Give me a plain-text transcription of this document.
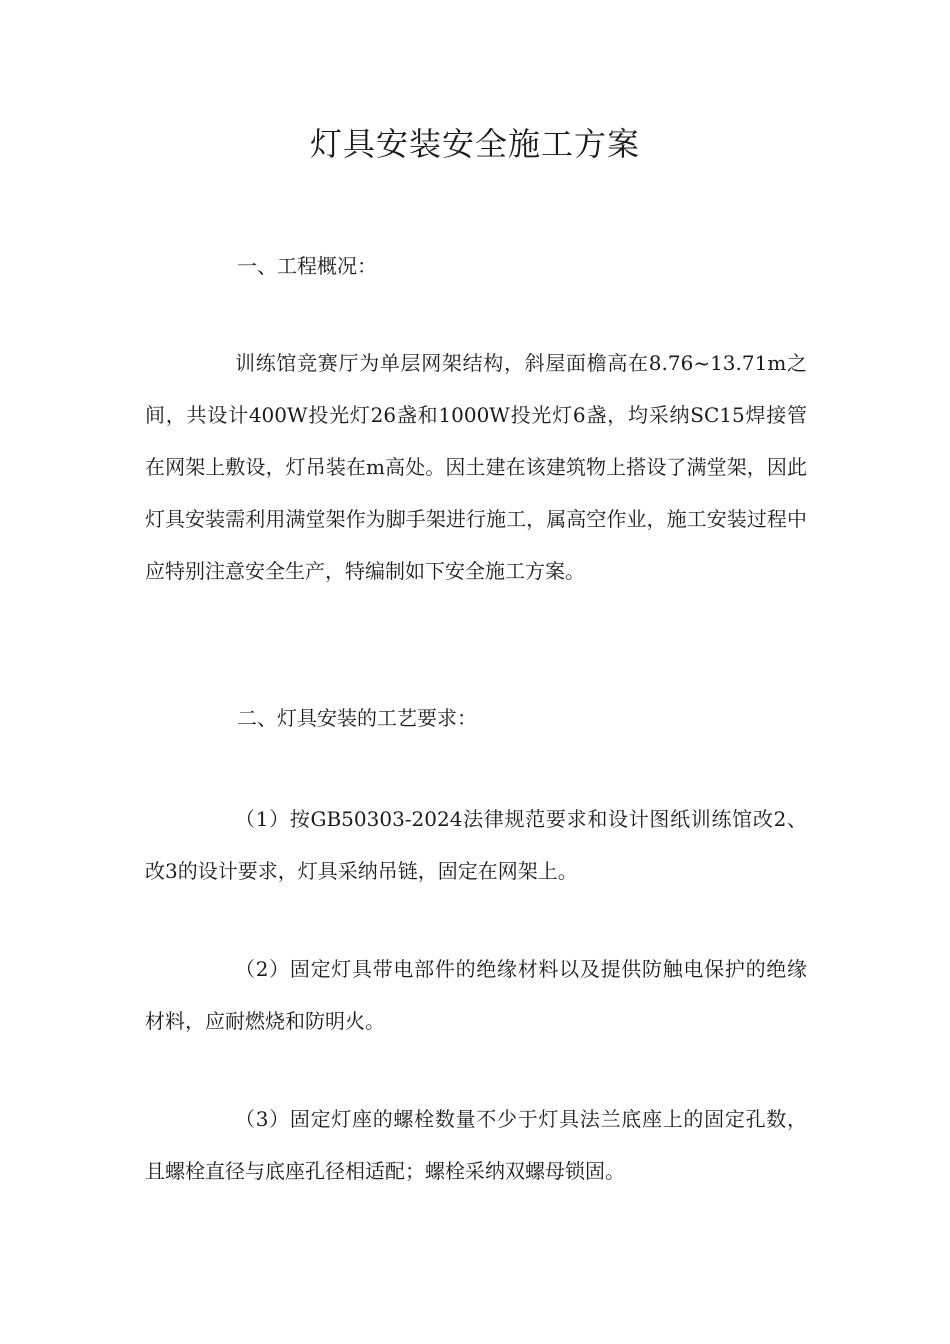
灯具安装安全施工方案
一、工程概况：

训练馆竞赛厅为单层网架结构，斜屋面檐高在8.76~13.71m之间，共设计400W投光灯26盏和1000W投光灯6盏，均采纳SC15焊接管在网架上敷设，灯吊装在m高处。因土建在该建筑物上搭设了满堂架，因此灯具安装需利用满堂架作为脚手架进行施工，属高空作业，施工安装过程中应特别注意安全生产，特编制如下安全施工方案。

二、灯具安装的工艺要求：

（1）按GB50303-2024法律规范要求和设计图纸训练馆改2、改3的设计要求，灯具采纳吊链，固定在网架上。

（2）固定灯具带电部件的绝缘材料以及提供防触电保护的绝缘材料，应耐燃烧和防明火。

（3）固定灯座的螺栓数量不少于灯具法兰底座上的固定孔数，且螺栓直径与底座孔径相适配；螺栓采纳双螺母锁固。
